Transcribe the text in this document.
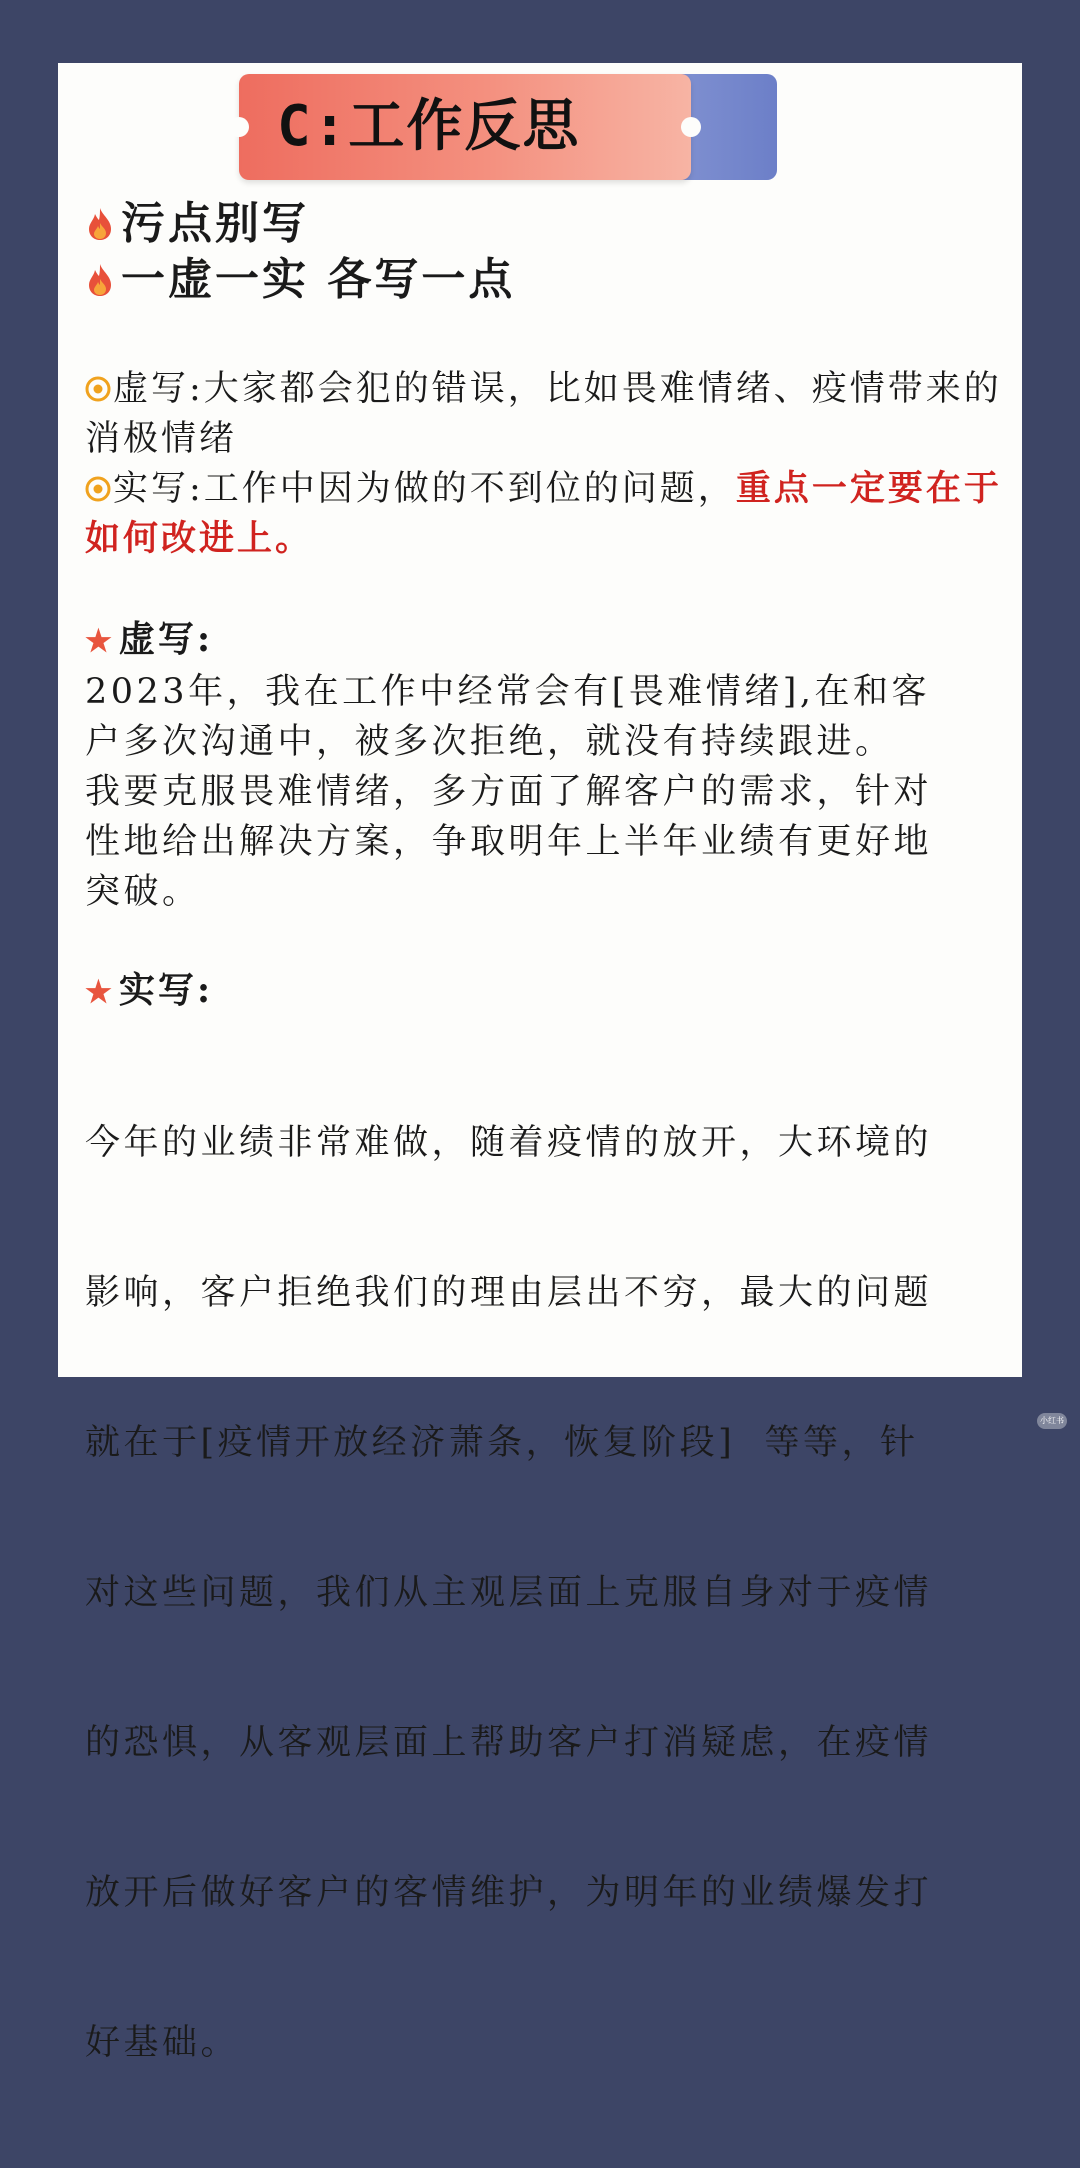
C:工作反思
污点别写
一虚一实 各写一点
虚写:大家都会犯的错误，比如畏难情绪、疫情带来的消极情绪
实写:工作中因为做的不到位的问题，重点一定要在于如何改进上。
★ 虚写:
2023年，我在工作中经常会有[畏难情绪],在和客
户多次沟通中，被多次拒绝，就没有持续跟进。
我要克服畏难情绪，多方面了解客户的需求，针对
性地给出解决方案，争取明年上半年业绩有更好地
突破。
★ 实写:

今年的业绩非常难做，随着疫情的放开，大环境的

影响，客户拒绝我们的理由层出不穷，最大的问题

就在于[疫情开放经济萧条，恢复阶段]  等等，针

对这些问题，我们从主观层面上克服自身对于疫情

的恐惧，从客观层面上帮助客户打消疑虑，在疫情

放开后做好客户的客情维护，为明年的业绩爆发打

好基础。

小红书
